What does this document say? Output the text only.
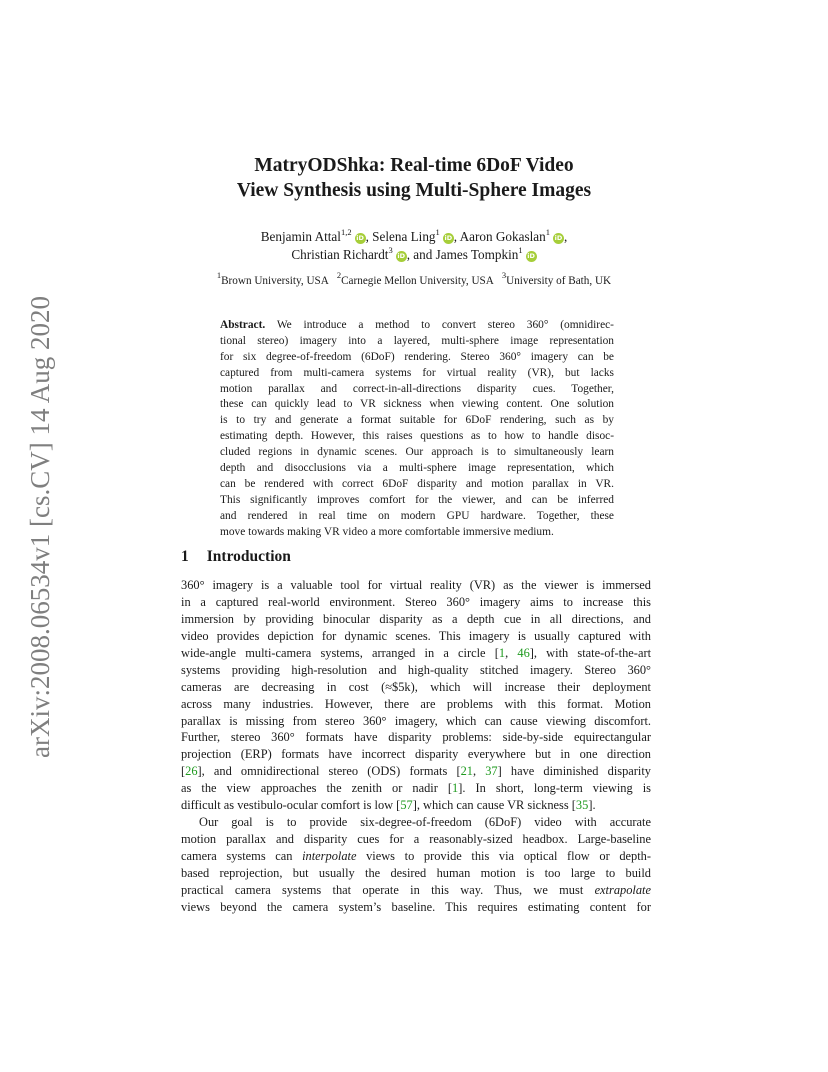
arXiv:2008.06534v1 [cs.CV] 14 Aug 2020
MatryODShka: Real-time 6DoF Video
View Synthesis using Multi-Sphere Images
Benjamin Attal$^{1,2}$iD , Selena Ling$^1$iD , Aaron Gokaslan$^1$iD ,
Christian Richardt$^3$iD , and James Tompkin$^1$iD
$^1$Brown University, USA $^2$Carnegie Mellon University, USA $^3$University of Bath, UK
Abstract. We introduce a method to convert stereo 360° (omnidirec-
tional stereo) imagery into a layered, multi-sphere image representation
for six degree-of-freedom (6DoF) rendering. Stereo 360° imagery can be
captured from multi-camera systems for virtual reality (VR), but lacks
motion parallax and correct-in-all-directions disparity cues. Together,
these can quickly lead to VR sickness when viewing content. One solution
is to try and generate a format suitable for 6DoF rendering, such as by
estimating depth. However, this raises questions as to how to handle disoc-
cluded regions in dynamic scenes. Our approach is to simultaneously learn
depth and disocclusions via a multi-sphere image representation, which
can be rendered with correct 6DoF disparity and motion parallax in VR.
This significantly improves comfort for the viewer, and can be inferred
and rendered in real time on modern GPU hardware. Together, these
move towards making VR video a more comfortable immersive medium.
1 Introduction
360° imagery is a valuable tool for virtual reality (VR) as the viewer is immersed
in a captured real-world environment. Stereo 360° imagery aims to increase this
immersion by providing binocular disparity as a depth cue in all directions, and
video provides depiction for dynamic scenes. This imagery is usually captured with
wide-angle multi-camera systems, arranged in a circle [1, 46], with state-of-the-art
systems providing high-resolution and high-quality stitched imagery. Stereo 360°
cameras are decreasing in cost (≈$5k), which will increase their deployment
across many industries. However, there are problems with this format. Motion
parallax is missing from stereo 360° imagery, which can cause viewing discomfort.
Further, stereo 360° formats have disparity problems: side-by-side equirectangular
projection (ERP) formats have incorrect disparity everywhere but in one direction
[26], and omnidirectional stereo (ODS) formats [21, 37] have diminished disparity
as the view approaches the zenith or nadir [1]. In short, long-term viewing is
difficult as vestibulo-ocular comfort is low [57], which can cause VR sickness [35].
Our goal is to provide six-degree-of-freedom (6DoF) video with accurate
motion parallax and disparity cues for a reasonably-sized headbox. Large-baseline
camera systems can interpolate views to provide this via optical flow or depth-
based reprojection, but usually the desired human motion is too large to build
practical camera systems that operate in this way. Thus, we must extrapolate
views beyond the camera system’s baseline. This requires estimating content for
